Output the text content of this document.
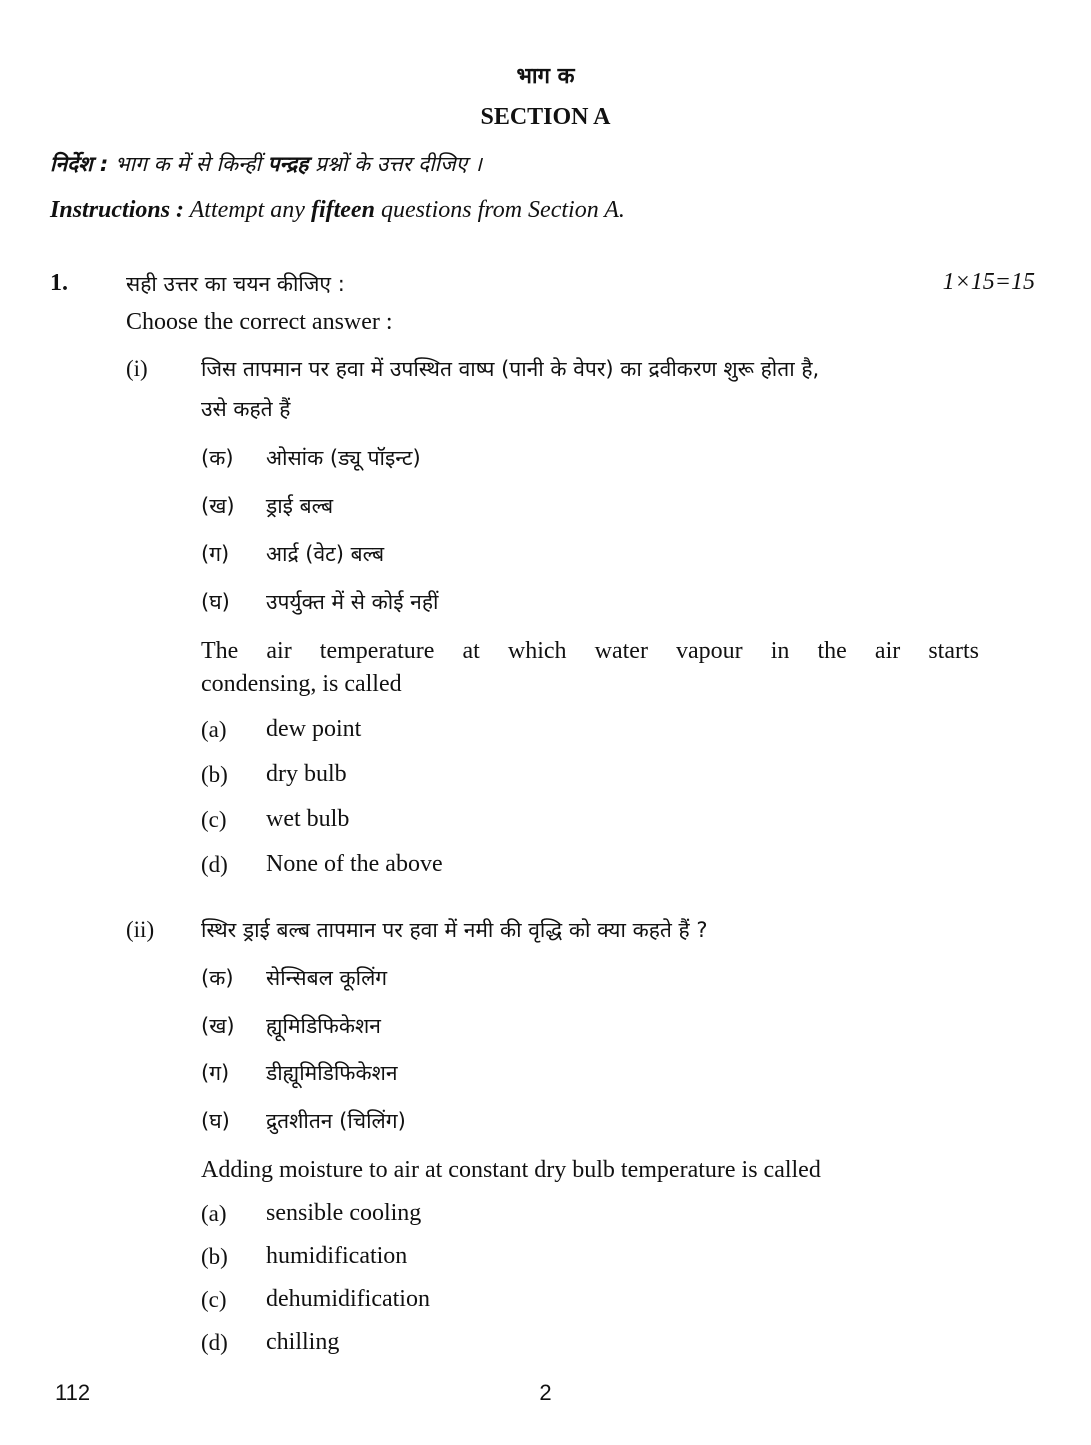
भाग क
SECTION A
निर्देश : भाग क में से किन्हीं पन्द्रह प्रश्नों के उत्तर दीजिए ।
Instructions : Attempt any fifteen questions from Section A.
1.	सही उत्तर का चयन कीजिए :	1×15=15
Choose the correct answer :
(i)	जिस तापमान पर हवा में उपस्थित वाष्प (पानी के वेपर) का द्रवीकरण शुरू होता है,
उसे कहते हैं
(क) ओसांक (ड्यू पॉइन्ट)
(ख) ड्राई बल्ब
(ग) आर्द्र (वेट) बल्ब
(घ) उपर्युक्त में से कोई नहीं
The air temperature at which water vapour in the air starts
condensing, is called
(a) dew point
(b) dry bulb
(c) wet bulb
(d) None of the above
(ii) स्थिर ड्राई बल्ब तापमान पर हवा में नमी की वृद्धि को क्या कहते हैं ?
(क) सेन्सिबल कूलिंग
(ख) ह्यूमिडिफिकेशन
(ग) डीह्यूमिडिफिकेशन
(घ) द्रुतशीतन (चिलिंग)
Adding moisture to air at constant dry bulb temperature is called
(a) sensible cooling
(b) humidification
(c) dehumidification
(d) chilling
112	2
